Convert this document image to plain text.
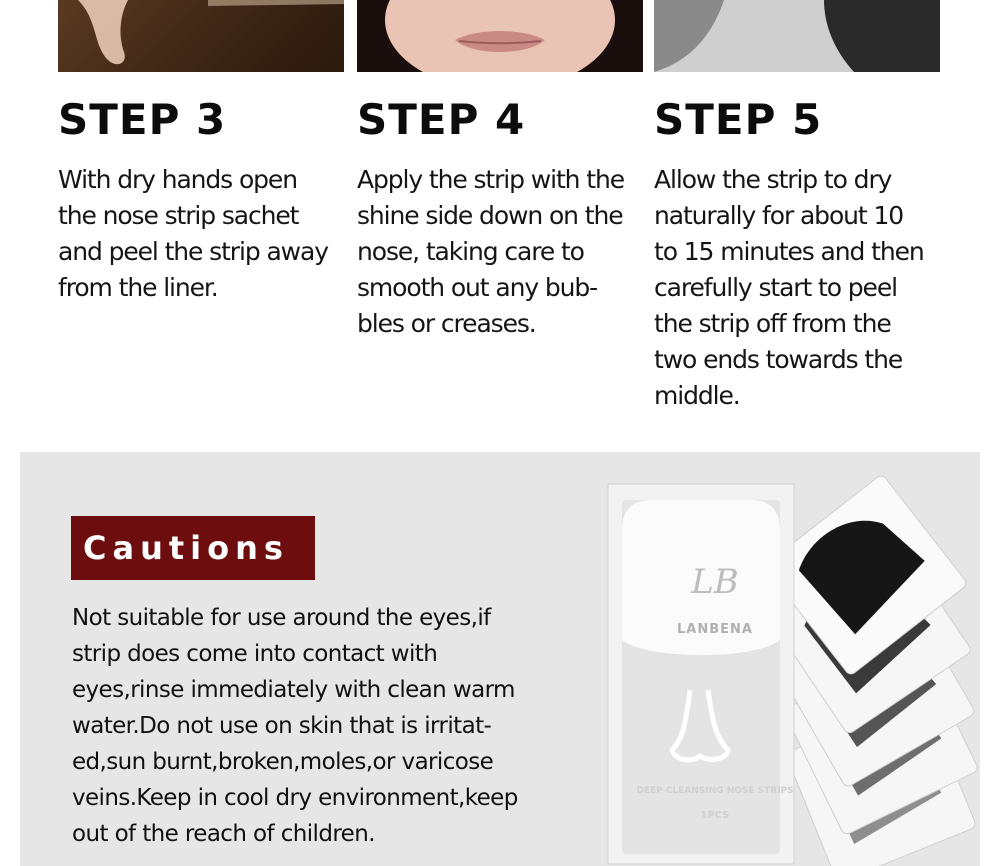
STEP 3

With dry hands open
the nose strip sachet
and peel the strip away
from the liner.

STEP 4

Apply the strip with the
shine side down on the
nose, taking care to
smooth out any bub-
bles or creases.

STEP 5

Allow the strip to dry
naturally for about 10
to 15 minutes and then
carefully start to peel
the strip off from the
two ends towards the
middle.

Cautions

Not suitable for use around the eyes,if
strip does come into contact with
eyes,rinse immediately with clean warm
water.Do not use on skin that is irritat-
ed,sun burnt,broken,moles,or varicose
veins.Keep in cool dry environment,keep
out of the reach of children.

LB
LANBENA
DEEP CLEANSING NOSE STRIPS
1PCS
